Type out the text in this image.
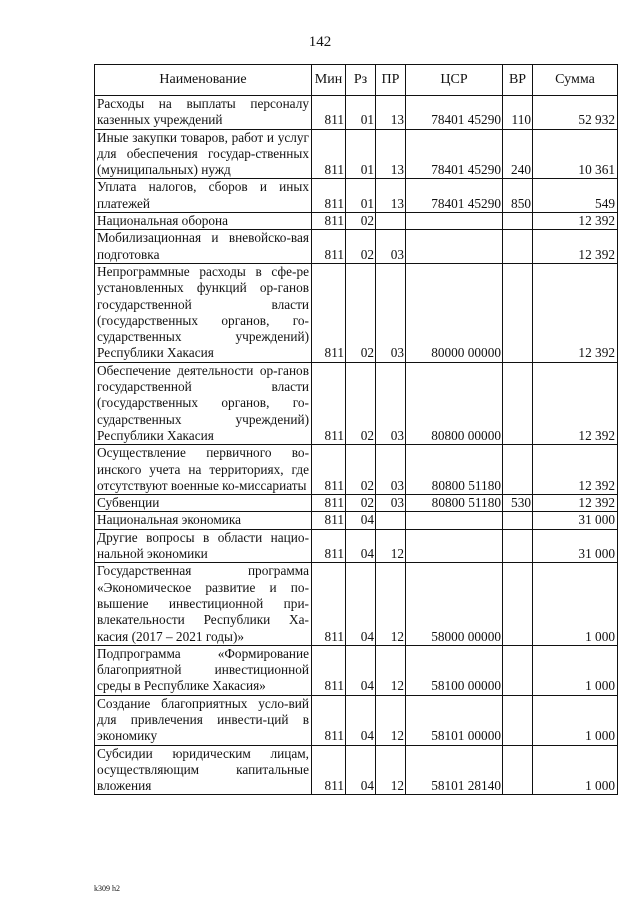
142
Наименование	Мин	Рз	ПР	ЦСР	ВР	Сумма
Расходы на выплаты персоналу казенных учреждений	811	01	13	78401 45290	110	52 932
Иные закупки товаров, работ и услуг для обеспечения государ-ственных (муниципальных) нужд	811	01	13	78401 45290	240	10 361
Уплата налогов, сборов и иных платежей	811	01	13	78401 45290	850	549
Национальная оборона	811	02				12 392
Мобилизационная и вневойско-вая подготовка	811	02	03			12 392
Непрограммные расходы в сфе-ре установленных функций ор-ганов государственной власти (государственных органов, го-сударственных учреждений) Республики Хакасия	811	02	03	80000 00000		12 392
Обеспечение деятельности ор-ганов государственной власти (государственных органов, го-сударственных учреждений) Республики Хакасия	811	02	03	80800 00000		12 392
Осуществление первичного во-инского учета на территориях, где отсутствуют военные ко-миссариаты	811	02	03	80800 51180		12 392
Субвенции	811	02	03	80800 51180	530	12 392
Национальная экономика	811	04				31 000
Другие вопросы в области нацио-нальной экономики	811	04	12			31 000
Государственная программа «Экономическое развитие и по-вышение инвестиционной при-влекательности Республики Ха-касия (2017 – 2021 годы)»	811	04	12	58000 00000		1 000
Подпрограмма «Формирование благоприятной инвестиционной среды в Республике Хакасия»	811	04	12	58100 00000		1 000
Создание благоприятных усло-вий для привлечения инвести-ций в экономику	811	04	12	58101 00000		1 000
Субсидии юридическим лицам, осуществляющим капитальные вложения	811	04	12	58101 28140		1 000
k309 h2
